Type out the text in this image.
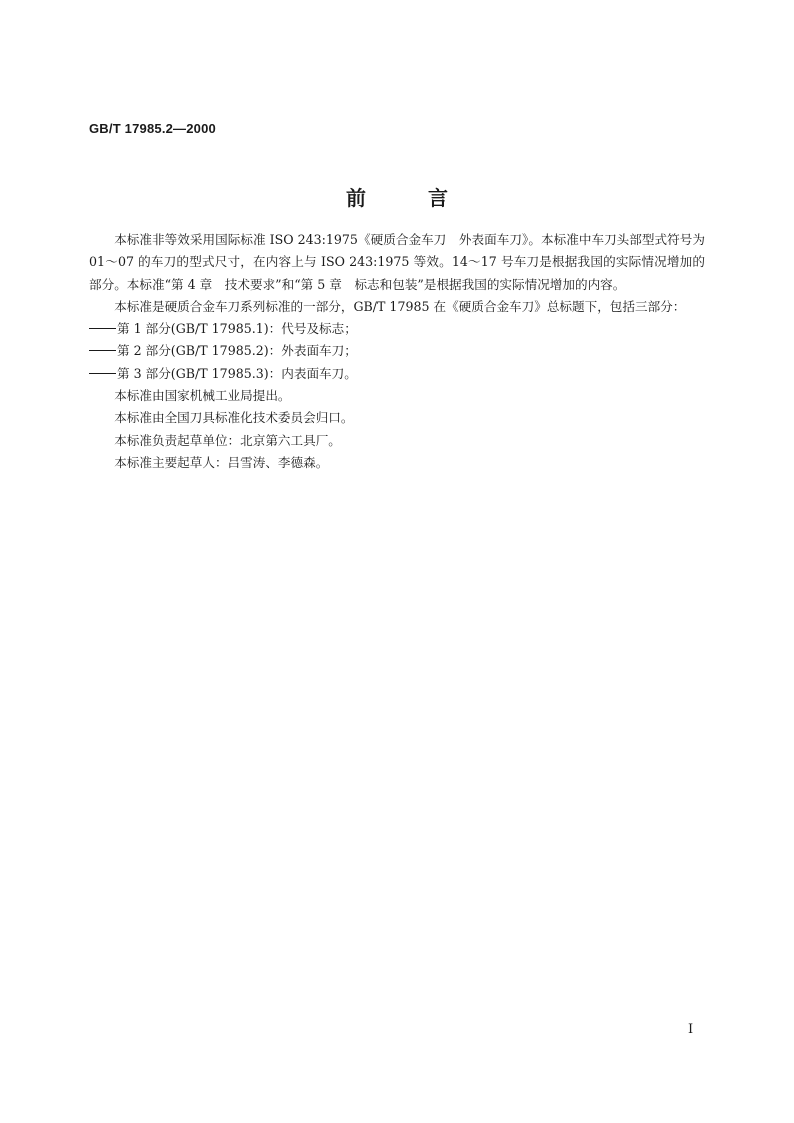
GB/T 17985.2—2000
前	言

本标准非等效采用国际标准 ISO 243:1975《硬质合金车刀　外表面车刀》。本标准中车刀头部型式符号为 01～07 的车刀的型式尺寸，在内容上与 ISO 243:1975 等效。14～17 号车刀是根据我国的实际情况增加的部分。本标准“第 4 章　技术要求”和“第 5 章　标志和包装”是根据我国的实际情况增加的内容。

本标准是硬质合金车刀系列标准的一部分，GB/T 17985 在《硬质合金车刀》总标题下，包括三部分：

第 1 部分(GB/T 17985.1)：代号及标志；

第 2 部分(GB/T 17985.2)：外表面车刀；

第 3 部分(GB/T 17985.3)：内表面车刀。

本标准由国家机械工业局提出。

本标准由全国刀具标准化技术委员会归口。

本标准负责起草单位：北京第六工具厂。

本标准主要起草人：吕雪涛、李德森。

I
